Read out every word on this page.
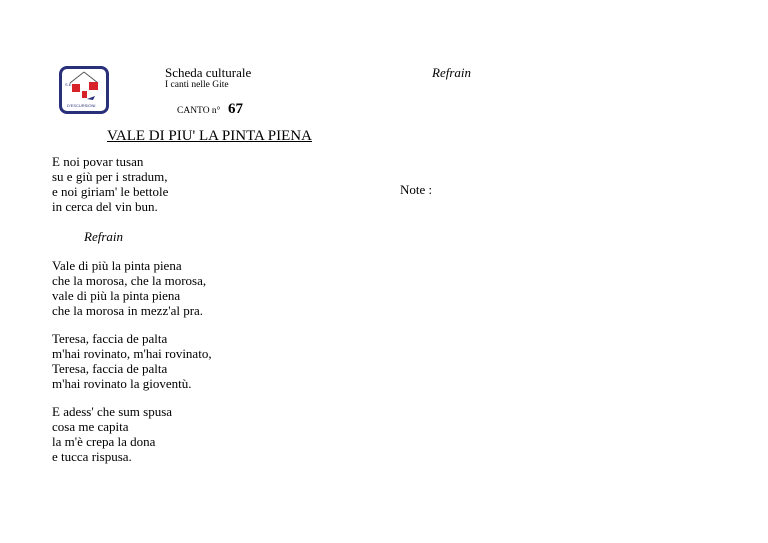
S.E.
D'ESCURSIONI
Scheda culturale
I canti nelle Gite
CANTO n° 67
VALE DI PIU' LA PINTA PIENA
Refrain
Note :
E noi povar tusan
su e giù per i stradum,
e noi giriam' le bettole
in cerca del vin bun.
Refrain
Vale di più la pinta piena
che la morosa, che la morosa,
vale di più la pinta piena
che la morosa in mezz'al pra.
Teresa, faccia de palta
m'hai rovinato, m'hai rovinato,
Teresa, faccia de palta
m'hai rovinato la gioventù.
E adess' che sum spusa
cosa me capita
la m'è crepa la dona
e tucca rispusa.
